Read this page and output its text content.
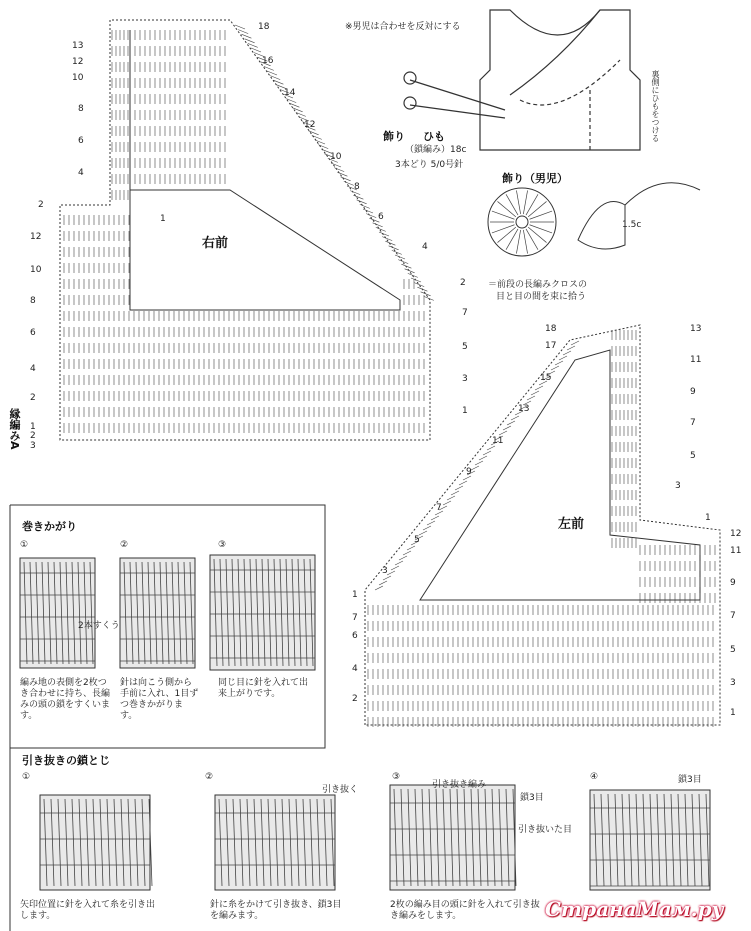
右前
左前
縁編みA
※男児は合わせを反対にする
飾り ひも
（鎖編み）18c
3本どり 5/0号針
飾り（男児）
裏側にひもをつける
1.5c
＝前段の長編みクロスの
目と目の間を束に拾う
巻きかがり
①	②	③
2本すくう
編み地の表側を2枚つき合わせに持ち、長編みの頭の鎖をすくいます。
針は向こう側から手前に入れ、1目ずつ巻きかがります。
同じ目に針を入れて出来上がりです。
引き抜きの鎖とじ
①	②	③	④
矢印位置に針を入れて糸を引き出します。
引き抜く
針に糸をかけて引き抜き、鎖3目を編みます。
引き抜き編み
鎖3目
引き抜いた目
2枚の編み目の頭に針を入れて引き抜き編みをします。
鎖3目
СтранаМам.ру
13
12
10
8
6
4
2
12
10
8
6
4
2
1
2
3
18
16
14
12
10
8
6
4
2
1
7
5
3
1
18
17
15
13
11
9
7
5
3
1
7
6
4
2
13
11
9
7
5
3
1
12
11
9
7
5
3
1
